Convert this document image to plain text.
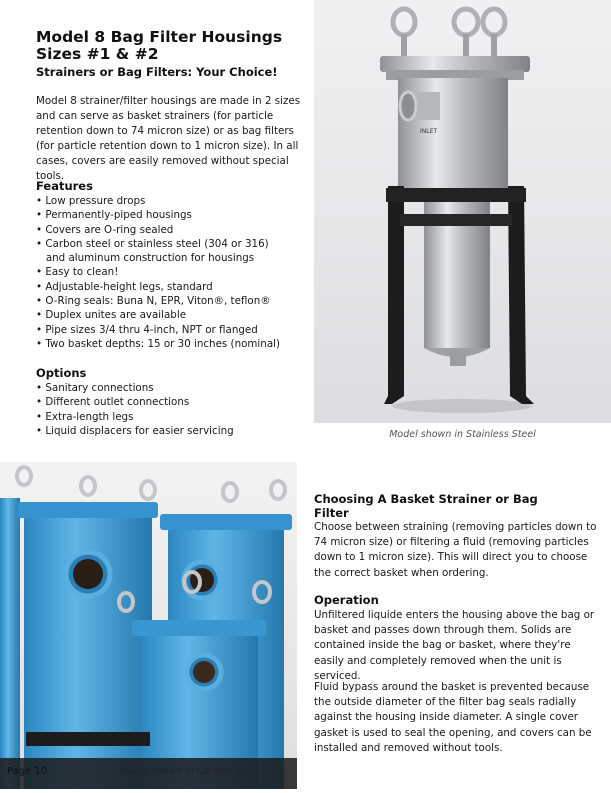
Model 8 Bag Filter Housings Sizes #1 & #2
Strainers or Bag Filters: Your Choice!
Model 8 strainer/filter housings are made in 2 sizes and can serve as basket strainers (for particle retention down to 74 micron size) or as bag filters (for particle retention down to 1 micron size). In all cases, covers are easily removed without special tools.
Features
• Low pressure drops
• Permanently-piped housings
• Covers are O-ring sealed
• Carbon steel or stainless steel (304 or 316)
and aluminum construction for housings
• Easy to clean!
• Adjustable-height legs, standard
• O-Ring seals: Buna N, EPR, Viton®, teflon®
• Duplex unites are available
• Pipe sizes 3/4 thru 4-inch, NPT or flanged
• Two basket depths: 15 or 30 inches (nominal)
Options
• Sanitary connections
• Different outlet connections
• Extra-length legs
• Liquid displacers for easier servicing
INLET
Model shown in Stainless Steel
Model shown in Carbon Steel
Page 10
Choosing A Basket Strainer or Bag Filter
Choose between straining (removing particles down to 74 micron size) or filtering a fluid (removing particles down to 1 micron size). This will direct you to choose the correct basket when ordering.
Operation
Unfiltered liquide enters the housing above the bag or basket and passes down through them. Solids are contained inside the bag or basket, where they're easily and completely removed when the unit is serviced.
Fluid bypass around the basket is prevented because the outside diameter of the filter bag seals radially against the housing inside diameter. A single cover gasket is used to seal the opening, and covers can be installed and removed without tools.
